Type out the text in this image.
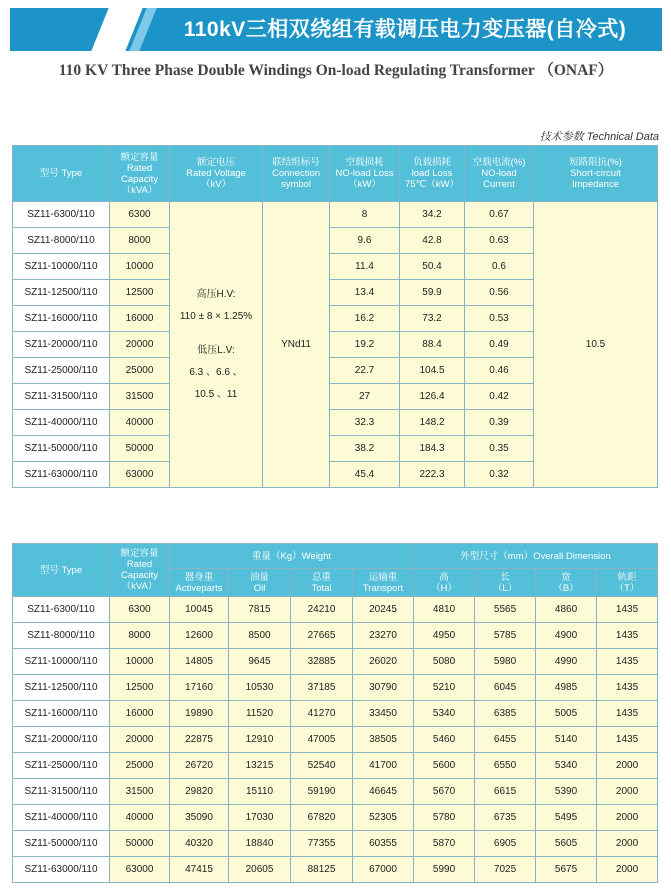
110kV三相双绕组有载调压电力变压器(自冷式)
110 KV Three Phase Double Windings On-load Regulating Transformer （ONAF）
技术参数 Technical Data
型号 Type	额定容量
Rated Capacity
（kVA）	额定电压
Rated Voltage
（kV）	联结组标号
Connection
symbol	空载损耗
NO-load Loss
（kW）	负载损耗
load Loss
75℃（kW）	空载电流(%)
NO-load
Current	短路阻抗(%)
Short-circuit
Impedance

SZ11-6300/110	6300	高压H.V:
110 ± 8 × 1.25%
低压L.V:
6.3 、6.6 、
10.5 、11	YNd11	8	34.2	0.67	10.5
SZ11-8000/110	8000			9.6	42.8	0.63	
SZ11-10000/110	10000			11.4	50.4	0.6	
SZ11-12500/110	12500			13.4	59.9	0.56	
SZ11-16000/110	16000			16.2	73.2	0.53	
SZ11-20000/110	20000			19.2	88.4	0.49	
SZ11-25000/110	25000			22.7	104.5	0.46	
SZ11-31500/110	31500			27	126.4	0.42	
SZ11-40000/110	40000			32.3	148.2	0.39	
SZ11-50000/110	50000			38.2	184.3	0.35	
SZ11-63000/110	63000			45.4	222.3	0.32	
型号 Type	额定容量
Rated Capacity
（kVA）	重量（Kg）Weight				外型尺寸（mm）Overall Dimension			

		器身重
Activeparts	油量
Oil	总重
Total	运输重
Transport	高
（H）	长
（L）	宽
（B）	轨距
（T）

SZ11-6300/110	6300	10045	7815	24210	20245	4810	5565	4860	1435
SZ11-8000/110	8000	12600	8500	27665	23270	4950	5785	4900	1435
SZ11-10000/110	10000	14805	9645	32885	26020	5080	5980	4990	1435
SZ11-12500/110	12500	17160	10530	37185	30790	5210	6045	4985	1435
SZ11-16000/110	16000	19890	11520	41270	33450	5340	6385	5005	1435
SZ11-20000/110	20000	22875	12910	47005	38505	5460	6455	5140	1435
SZ11-25000/110	25000	26720	13215	52540	41700	5600	6550	5340	2000
SZ11-31500/110	31500	29820	15110	59190	46645	5670	6615	5390	2000
SZ11-40000/110	40000	35090	17030	67820	52305	5780	6735	5495	2000
SZ11-50000/110	50000	40320	18840	77355	60355	5870	6905	5605	2000
SZ11-63000/110	63000	47415	20605	88125	67000	5990	7025	5675	2000
